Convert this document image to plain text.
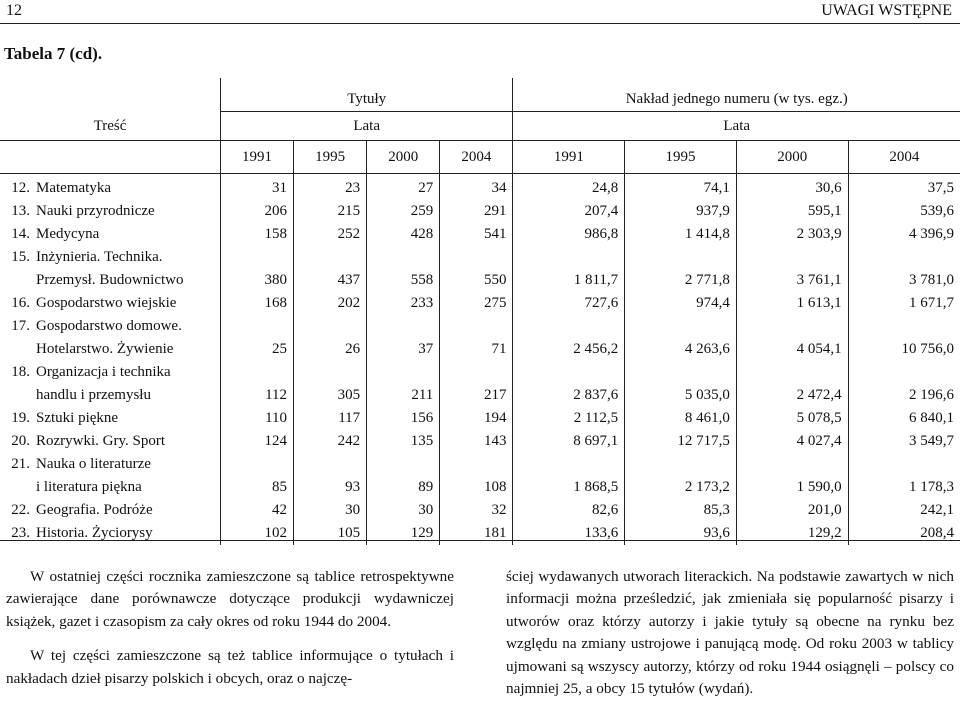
12	UWAGI WSTĘPNE
Tabela 7 (cd).
Treść	Tytuły				Nakład jednego numeru (w tys. egz.)			
	Lata				Lata			
	1991	1995	2000	2004	1991	1995	2000	2004
12. Matematyka	31	23	27	34	24,8	74,1	30,6	37,5
13. Nauki przyrodnicze	206	215	259	291	207,4	937,9	595,1	539,6
14. Medycyna	158	252	428	541	986,8	1 414,8	2 303,9	4 396,9
15. Inżynieria. Technika.								
Przemysł. Budownictwo	380	437	558	550	1 811,7	2 771,8	3 761,1	3 781,0
16. Gospodarstwo wiejskie	168	202	233	275	727,6	974,4	1 613,1	1 671,7
17. Gospodarstwo domowe.								
Hotelarstwo. Żywienie	25	26	37	71	2 456,2	4 263,6	4 054,1	10 756,0
18. Organizacja i technika								
handlu i przemysłu	112	305	211	217	2 837,6	5 035,0	2 472,4	2 196,6
19. Sztuki piękne	110	117	156	194	2 112,5	8 461,0	5 078,5	6 840,1
20. Rozrywki. Gry. Sport	124	242	135	143	8 697,1	12 717,5	4 027,4	3 549,7
21. Nauka o literaturze								
i literatura piękna	85	93	89	108	1 868,5	2 173,2	1 590,0	1 178,3
22. Geografia. Podróże	42	30	30	32	82,6	85,3	201,0	242,1
23. Historia. Życiorysy	102	105	129	181	133,6	93,6	129,2	208,4

W ostatniej części rocznika zamieszczone są tablice retrospektywne zawierające dane porównawcze dotyczące produkcji wydawniczej książek, gazet i czasopism za cały okres od roku 1944 do 2004.

W tej części zamieszczone są też tablice informujące o tytułach i nakładach dzieł pisarzy polskich i obcych, oraz o najczę-

ściej wydawanych utworach literackich. Na podstawie zawartych w nich informacji można prześledzić, jak zmieniała się popularność pisarzy i utworów oraz którzy autorzy i jakie tytuły są obecne na rynku bez względu na zmiany ustrojowe i panującą modę. Od roku 2003 w tablicy ujmowani są wszyscy autorzy, którzy od roku 1944 osiągnęli – polscy co najmniej 25, a obcy 15 tytułów (wydań).
